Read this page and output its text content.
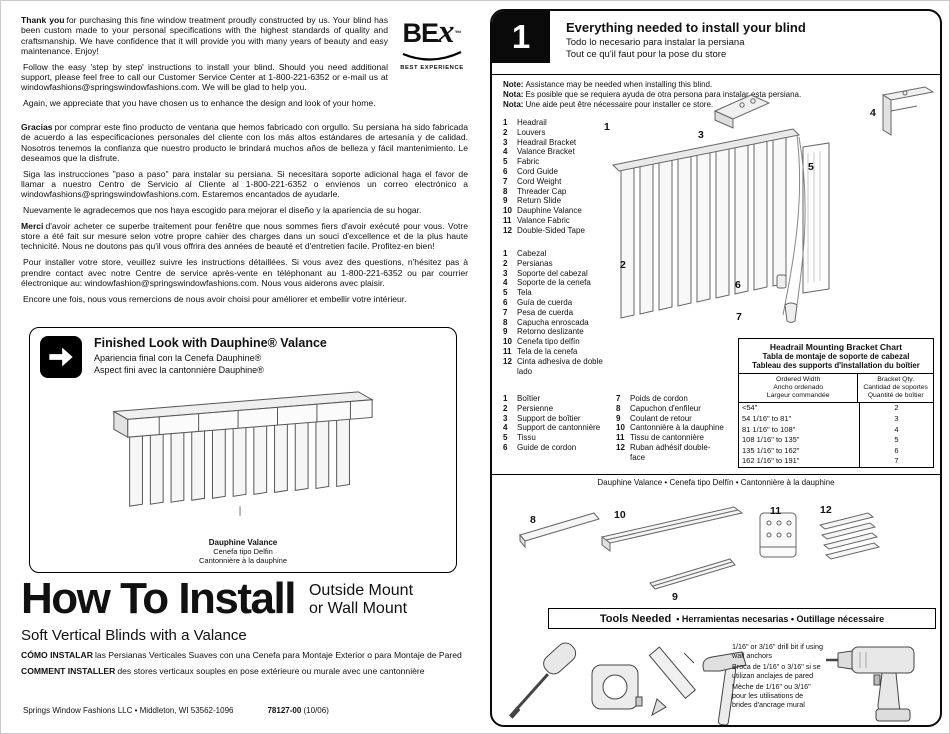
BEx™
BEST EXPERIENCE

Thank you for purchasing this fine window treatment proudly constructed by us. Your blind has been custom made to your personal specifications with the highest standards of quality and craftsmanship. We have confidence that it will provide you with many years of beauty and easy maintenance. Enjoy!

Follow the easy 'step by step' instructions to install your blind. Should you need additional support, please feel free to call our Customer Service Center at 1-800-221-6352 or e-mail us at windowfashions@springswindowfashions.com. We will be glad to help you.

Again, we appreciate that you have chosen us to enhance the design and look of your home.

Gracias por comprar este fino producto de ventana que hemos fabricado con orgullo. Su persiana ha sido fabricada de acuerdo a las especificaciones personales del cliente con los más altos estándares de artesanía y de calidad. Nosotros tenemos la confianza que nuestro producto le brindará muchos años de belleza y fácil mantenimiento. Le deseamos que la disfrute.

Siga las instrucciones "paso a paso" para instalar su persiana. Si necesitara soporte adicional haga el favor de llamar a nuestro Centro de Servicio al Cliente al 1-800-221-6352 o envíenos un correo electrónico a windowfashions@springswindowfashions.com. Estaremos encantados de ayudarle.

Nuevamente le agradecemos que nos haya escogido para mejorar el diseño y la apariencia de su hogar.

Merci d'avoir acheter ce superbe traitement pour fenêtre que nous sommes fiers d'avoir exécuté pour vous. Votre store a été fait sur mesure selon votre propre cahier des charges dans un souci d'excellence et de la plus haute technicité. Nous ne doutons pas qu'il vous offrira des années de beauté et d'entretien facile. Profitez-en bien!

Pour installer votre store, veuillez suivre les instructions détaillées. Si vous avez des questions, n'hésitez pas à prendre contact avec notre Centre de service après-vente en téléphonant au 1-800-221-6352 ou par courrier électronique au: windowfashion@springswindowfashions.com. Nous vous aiderons avec plaisir.

Encore une fois, nous vous remercions de nous avoir choisi pour améliorer et embellir votre intérieur.

Finished Look with Dauphine® Valance
Apariencia final con la Cenefa Dauphine®
Aspect fini avec la cantonnière Dauphine®
Dauphine Valance
Cenefa tipo Delfin
Cantonnière à la dauphine
How To Install Outside Mount
or Wall Mount
Soft Vertical Blinds with a Valance

CÓMO INSTALAR las Persianas Verticales Suaves con una Cenefa para Montaje Exterior o para Montaje de Pared

COMMENT INSTALLER des stores verticaux souples en pose extérieure ou murale avec une cantonnière

Springs Window Fashions LLC • Middleton, WI 53562-1096	78127-00 (10/06)
1	Everything needed to install your blind
Todo lo necesario para instalar la persiana
Tout ce qu'il faut pour la pose du store
Note: Assistance may be needed when installing this blind.
Nota: Es posible que se requiera ayuda de otra persona para instalar esta persiana.
Nota: Une aide peut être nécessaire pour installer ce store.
1	Headrail
2	Louvers
3	Headrail Bracket
4	Valance Bracket
5	Fabric
6	Cord Guide
7	Cord Weight
8	Threader Cap
9	Return Slide
10 Dauphine Valance
11 Valance Fabric
12 Double-Sided Tape
1	Cabezal
2	Persianas
3	Soporte del cabezal
4	Soporte de la cenefa
5	Tela
6	Guía de cuerda
7	Pesa de cuerda
8	Capucha enroscada
9	Retorno deslizante
10 Cenefa tipo delfín
11 Tela de la cenefa
12 Cinta adhesiva de doble lado
1	Boîtier
2	Persienne
3	Support de boîtier
4	Support de cantonnière
5	Tissu
6	Guide de cordon
7	Poids de cordon
8	Capuchon d'enfileur
9	Coulant de retour
10 Cantonnière à la dauphine
11 Tissu de cantonnière
12 Ruban adhésif double-face
1
2
3
4
5
6
7
Headrail Mounting Bracket Chart
Tabla de montaje de soporte de cabezal
Tableau des supports d'installation du boîtier
Ordered Width
Ancho ordenado
Largeur commandée
Bracket Qty.
Cantidad de soportes
Quantité de boîtier
<54"	2
54 1/16" to 81"	3
81 1/16" to 108"	4
108 1/16" to 135"	5
135 1/16" to 162"	6
162 1/16" to 191"	7
Dauphine Valance • Cenefa tipo Delfín • Cantonnière à la dauphine
8
9
10	11	12
Tools Needed • Herramientas necesarias • Outillage nécessaire

1/16" or 3/16" drill bit if using wall anchors

Broca de 1/16" o 3/16" si se utilizan anclajes de pared

Mèche de 1/16" ou 3/16" pour les utilisations de brides d'ancrage mural
